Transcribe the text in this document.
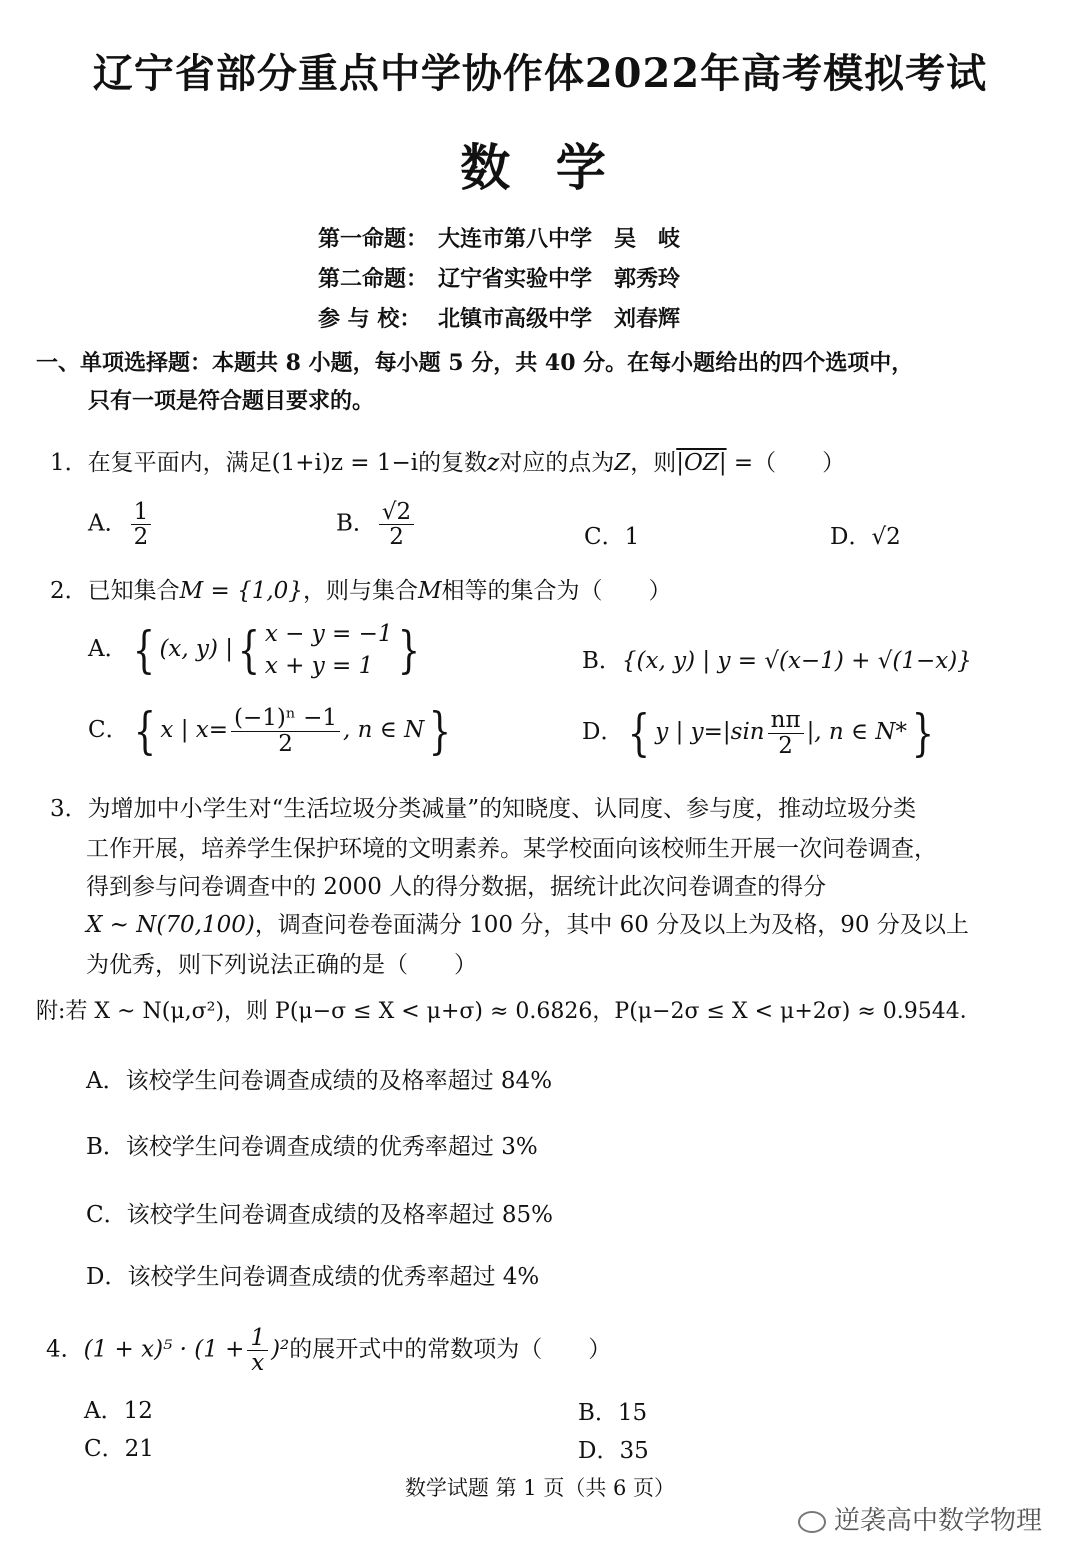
辽宁省部分重点中学协作体2022年高考模拟考试
数 学
第一命题： 大连市第八中学 吴　岐
第二命题： 辽宁省实验中学 郭秀玲
参 与 校： 北镇市高级中学 刘春辉
一、单项选择题：本题共 8 小题，每小题 5 分，共 40 分。在每小题给出的四个选项中，
只有一项是符合题目要求的。
1．在复平面内，满足(1+i)z = 1−i的复数z对应的点为Z，则|OZ| =（　　）
A． $\frac{1}{2}$	B． $\frac{√2}{2}$	C．1	D．√2
2．已知集合M = {1,0}，则与集合M相等的集合为（　　）
A．{ (x, y) |{ x − y = −1
x + y = 1 }	B．{(x, y) | y = √(x−1) + √(1−x)}
C．{ x | $x= \frac{\text{(−1)ⁿ −1}}{2}$ , n ∈ N}	D．{ y | $y=|\sin \frac{n\pi}{2}$ |, n ∈ N*}
3．为增加中小学生对“生活垃圾分类减量”的知晓度、认同度、参与度，推动垃圾分类
工作开展，培养学生保护环境的文明素养。某学校面向该校师生开展一次问卷调查，
得到参与问卷调查中的 2000 人的得分数据，据统计此次问卷调查的得分
X ~ N(70,100)，调查问卷卷面满分 100 分，其中 60 分及以上为及格，90 分及以上
为优秀，则下列说法正确的是（　　）
附:若 X ~ N(μ,σ²)，则 P(μ−σ ≤ X < μ+σ) ≈ 0.6826，P(μ−2σ ≤ X < μ+2σ) ≈ 0.9544．
A．该校学生问卷调查成绩的及格率超过 84%
B．该校学生问卷调查成绩的优秀率超过 3%
C．该校学生问卷调查成绩的及格率超过 85%
D．该校学生问卷调查成绩的优秀率超过 4%
4．$(1 + x)^5 \cdot (1 + \frac{1}{x} )^2$的展开式中的常数项为（　　）
A．12	B．15
C．21	D．35
数学试题 第 1 页（共 6 页）
逆袭高中数学物理
